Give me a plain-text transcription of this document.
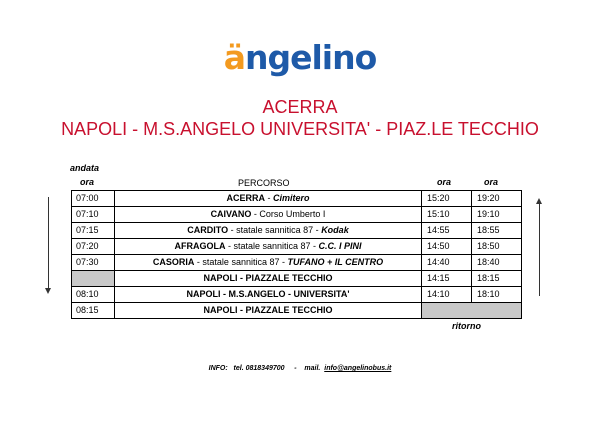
ängelino
ACERRA
NAPOLI - M.S.ANGELO UNIVERSITA' - PIAZ.LE TECCHIO
andata
ora	PERCORSO	ora	ora
07:00	ACERRA - Cimitero	15:20	19:20
07:10	CAIVANO - Corso Umberto I	15:10	19:10
07:15	CARDITO - statale sannitica 87 - Kodak	14:55	18:55
07:20	AFRAGOLA - statale sannitica 87 - C.C. I PINI	14:50	18:50
07:30	CASORIA - statale sannitica 87 - TUFANO + IL CENTRO	14:40	18:40
	NAPOLI - PIAZZALE TECCHIO	14:15	18:15
08:10	NAPOLI - M.S.ANGELO - UNIVERSITA'	14:10	18:10
08:15	NAPOLI - PIAZZALE TECCHIO		
ritorno
INFO: tel. 0818349700 - mail. info@angelinobus.it
